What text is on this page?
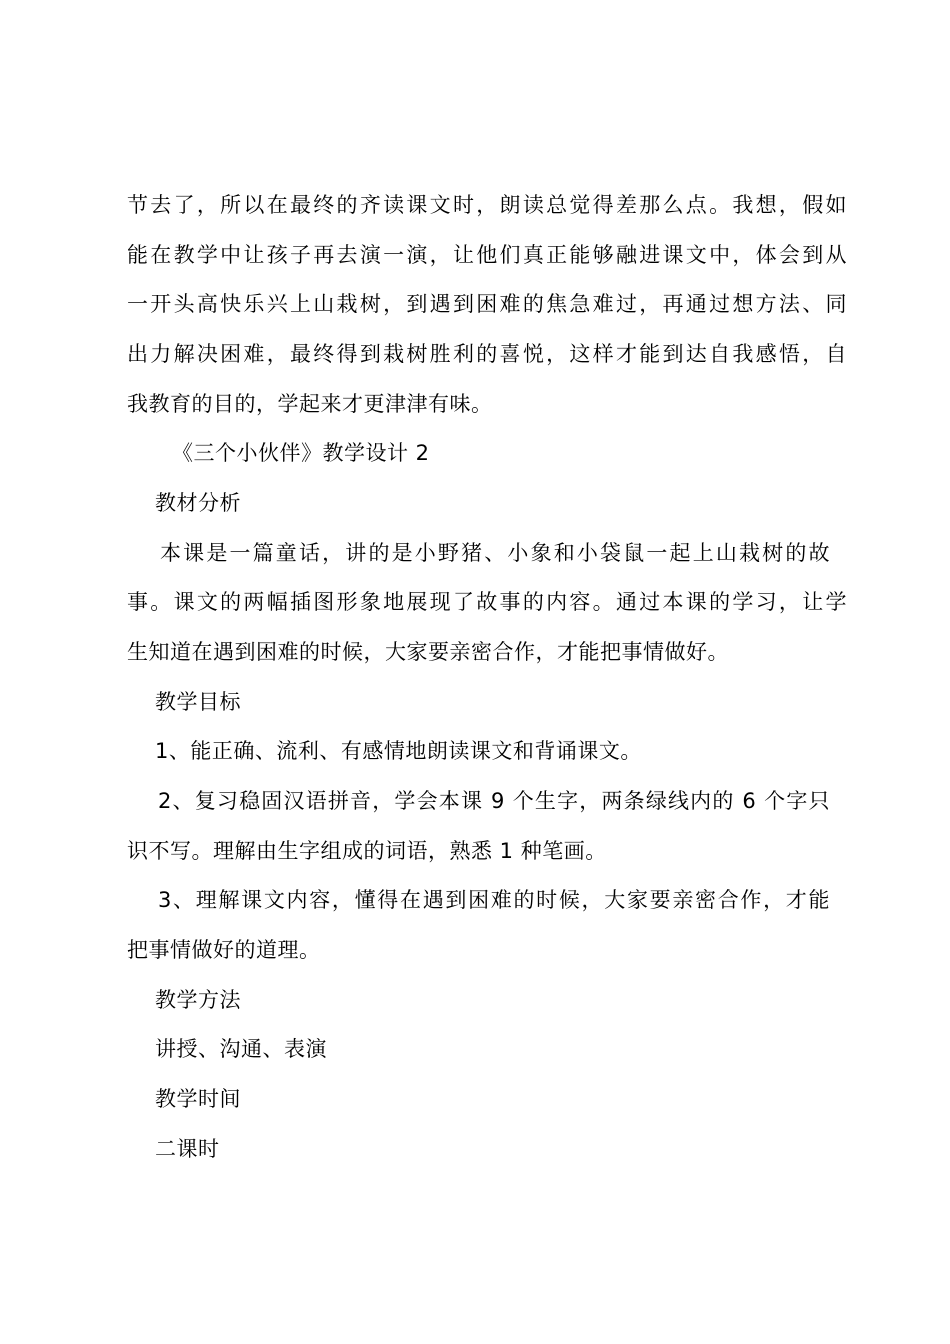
节去了，所以在最终的齐读课文时，朗读总觉得差那么点。我想，假如
能在教学中让孩子再去演一演，让他们真正能够融进课文中，体会到从
一开头高快乐兴上山栽树，到遇到困难的焦急难过，再通过想方法、同
出力解决困难，最终得到栽树胜利的喜悦，这样才能到达自我感悟，自
我教育的目的，学起来才更津津有味。
《三个小伙伴》教学设计 2
教材分析
本课是一篇童话，讲的是小野猪、小象和小袋鼠一起上山栽树的故
事。课文的两幅插图形象地展现了故事的内容。通过本课的学习，让学
生知道在遇到困难的时候，大家要亲密合作，才能把事情做好。
教学目标
1、能正确、流利、有感情地朗读课文和背诵课文。
2、复习稳固汉语拼音，学会本课 9 个生字，两条绿线内的 6 个字只
识不写。理解由生字组成的词语，熟悉 1 种笔画。
3、理解课文内容，懂得在遇到困难的时候，大家要亲密合作，才能
把事情做好的道理。
教学方法
讲授、沟通、表演
教学时间
二课时
